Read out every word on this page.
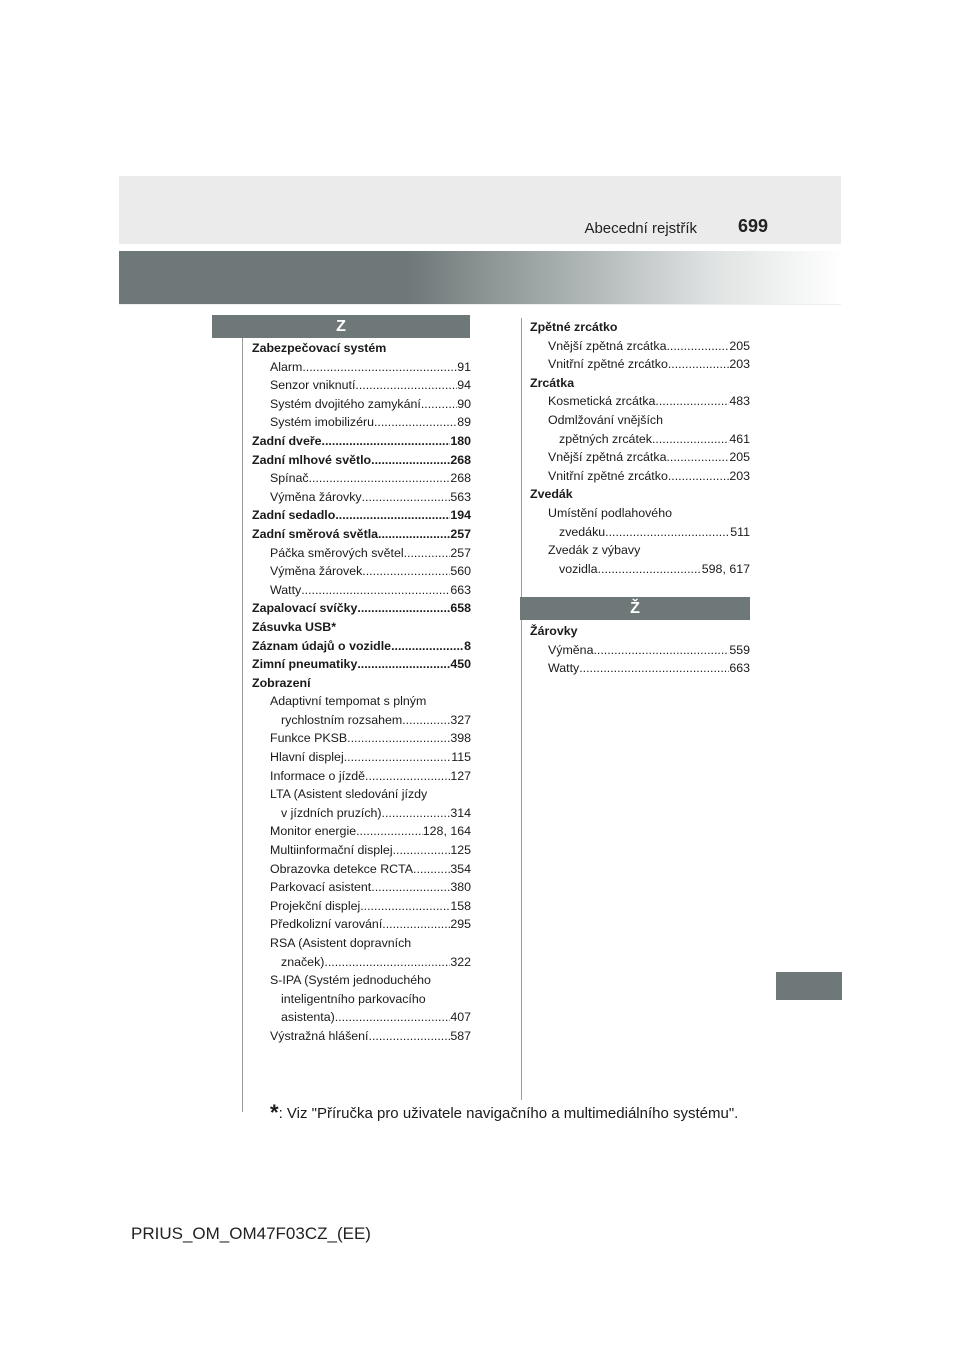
Abecední rejstřík 699
Z
Zabezpečovací systém
Alarm .....	91
Senzor vniknutí .....	94
Systém dvojitého zamykání .....	90
Systém imobilizéru .....	89
Zadní dveře .....	180
Zadní mlhové světlo .....	268
Spínač .....	268
Výměna žárovky .....	563
Zadní sedadlo .....	194
Zadní směrová světla .....	257
Páčka směrových světel .....	257
Výměna žárovek .....	560
Watty .....	663
Zapalovací svíčky .....	658
Zásuvka USB*
Záznam údajů o vozidle .....	8
Zimní pneumatiky .....	450
Zobrazení
Adaptivní tempomat s plným
rychlostním rozsahem .....	327
Funkce PKSB .....	398
Hlavní displej .....	115
Informace o jízdě .....	127
LTA (Asistent sledování jízdy
v jízdních pruzích) .....	314
Monitor energie .....	128, 164
Multiinformační displej .....	125
Obrazovka detekce RCTA .....	354
Parkovací asistent .....	380
Projekční displej .....	158
Předkolizní varování .....	295
RSA (Asistent dopravních
značek) .....	322
S-IPA (Systém jednoduchého
inteligentního parkovacího
asistenta) .....	407
Výstražná hlášení .....	587
Zpětné zrcátko
Vnější zpětná zrcátka .....	205
Vnitřní zpětné zrcátko .....	203
Zrcátka
Kosmetická zrcátka .....	483
Odmlžování vnějších
zpětných zrcátek .....	461
Vnější zpětná zrcátka .....	205
Vnitřní zpětné zrcátko .....	203
Zvedák
Umístění podlahového
zvedáku .....	511
Zvedák z výbavy
vozidla .....	598, 617
Ž
Žárovky
Výměna .....	559
Watty .....	663
*: Viz "Příručka pro uživatele navigačního a multimediálního systému".
PRIUS_OM_OM47F03CZ_(EE)
